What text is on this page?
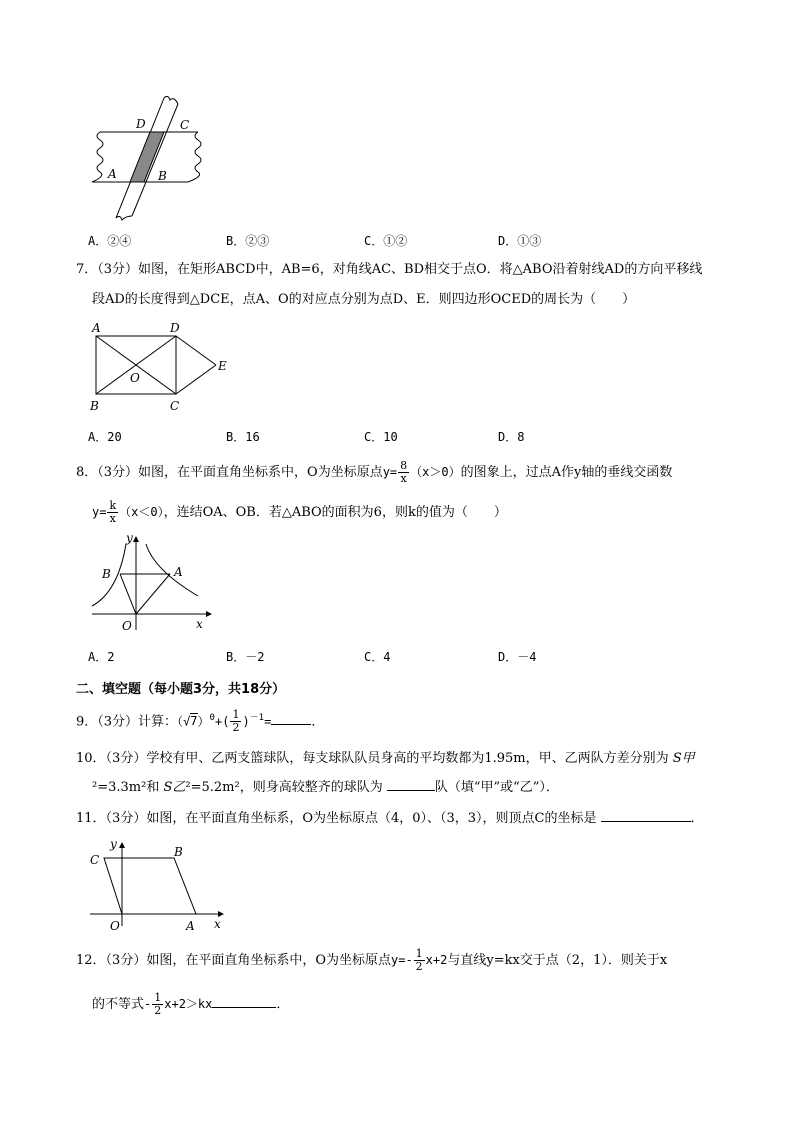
D	C
A	B
A．②④	B．②③	C．①②	D．①③
7．（3分）如图，在矩形ABCD中，AB=6，对角线AC、BD相交于点O．将△ABO沿着射线AD的方向平移线
段AD的长度得到△DCE，点A、O的对应点分别为点D、E．则四边形OCED的周长为（　　）
A	D
E
O
B	C
A．20	B．16	C．10	D．8
8．（3分）如图，在平面直角坐标系中，O为坐标原点$y= \frac{8}{x} (x>0)$的图象上，过点A作y轴的垂线交函数
$y= \frac{k}{x} (x<0)$，连结OA、OB．若△ABO的面积为6，则k的值为（　　）
y
B	A
O	x
A．2	B．－2	C．4	D．－4
二、填空题（每小题3分，共18分）
9．（3分）计算：$(√7)^0+( \frac{1}{2} )^{-1}=$	．
10．（3分）学校有甲、乙两支篮球队，每支球队队员身高的平均数都为1.95m，甲、乙两队方差分别为 S甲
²=3.3m²和 S乙²=5.2m²，则身高较整齐的球队为	队（填“甲”或“乙”）．
11．（3分）如图，在平面直角坐标系，O为坐标原点（4，0）、（3，3），则顶点C的坐标是	．
C
y
B
O	A x
12．（3分）如图，在平面直角坐标系中，O为坐标原点$y=- \frac{1}{2} x+2$与直线y=kx交于点（2，1）．则关于x
的不等式- $\frac{1}{2} x+2>kx$	．
